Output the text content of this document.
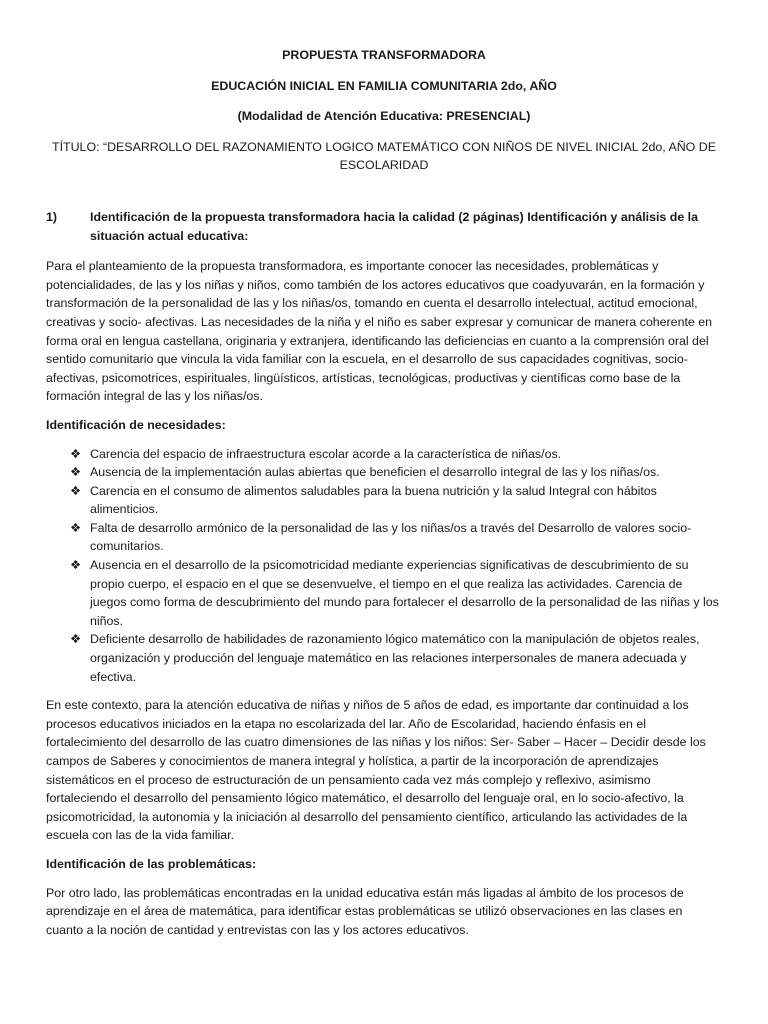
PROPUESTA TRANSFORMADORA
EDUCACIÓN INICIAL EN FAMILIA COMUNITARIA 2do, AÑO
(Modalidad de Atención Educativa: PRESENCIAL)
TÍTULO: “DESARROLLO DEL RAZONAMIENTO LOGICO MATEMÁTICO CON NIÑOS DE NIVEL INICIAL 2do, AÑO DE ESCOLARIDAD
1)	Identificación de la propuesta transformadora hacia la calidad (2 páginas) Identificación y análisis de la situación actual educativa:

Para el planteamiento de la propuesta transformadora, es importante conocer las necesidades, problemáticas y potencialidades, de las y los niñas y niños, como también de los actores educativos que coadyuvarán, en la formación y transformación de la personalidad de las y los niñas/os, tomando en cuenta el desarrollo intelectual, actitud emocional, creativas y socio- afectivas. Las necesidades de la niña y el niño es saber expresar y comunicar de manera coherente en forma oral en lengua castellana, originaria y extranjera, identificando las deficiencias en cuanto a la comprensión oral del sentido comunitario que vincula la vida familiar con la escuela, en el desarrollo de sus capacidades cognitivas, socio-afectivas, psicomotrices, espirituales, lingüísticos, artísticas, tecnológicas, productivas y científicas como base de la formación integral de las y los niñas/os.

Identificación de necesidades:

❖ Carencia del espacio de infraestructura escolar acorde a la característica de niñas/os.
❖ Ausencia de la implementación aulas abiertas que beneficien el desarrollo integral de las y los niñas/os.
❖ Carencia en el consumo de alimentos saludables para la buena nutrición y la salud Integral con hábitos alimenticios.
❖ Falta de desarrollo armónico de la personalidad de las y los niñas/os a través del Desarrollo de valores socio-comunitarios.
❖ Ausencia en el desarrollo de la psicomotricidad mediante experiencias significativas de descubrimiento de su propio cuerpo, el espacio en el que se desenvuelve, el tiempo en el que realiza las actividades. Carencia de juegos como forma de descubrimiento del mundo para fortalecer el desarrollo de la personalidad de las niñas y los niños.
❖ Deficiente desarrollo de habilidades de razonamiento lógico matemático con la manipulación de objetos reales, organización y producción del lenguaje matemático en las relaciones interpersonales de manera adecuada y efectiva.

En este contexto, para la atención educativa de niñas y niños de 5 años de edad, es importante dar continuidad a los procesos educativos iniciados en la etapa no escolarizada del lar. Año de Escolaridad, haciendo énfasis en el fortalecimiento del desarrollo de las cuatro dimensiones de las niñas y los niños: Ser- Saber – Hacer – Decidir desde los campos de Saberes y conocimientos de manera integral y holística, a partir de la incorporación de aprendizajes sistemáticos en el proceso de estructuración de un pensamiento cada vez más complejo y reflexivo, asimismo fortaleciendo el desarrollo del pensamiento lógico matemático, el desarrollo del lenguaje oral, en lo socio-afectivo, la psicomotricidad, la autonomia y la iniciación al desarrollo del pensamiento científico, articulando las actividades de la escuela con las de la vida familiar.

Identificación de las problemáticas:

Por otro lado, las problemáticas encontradas en la unidad educativa están más ligadas al ámbito de los procesos de aprendizaje en el área de matemática, para identificar estas problemáticas se utilizó observaciones en las clases en cuanto a la noción de cantidad y entrevistas con las y los actores educativos.
